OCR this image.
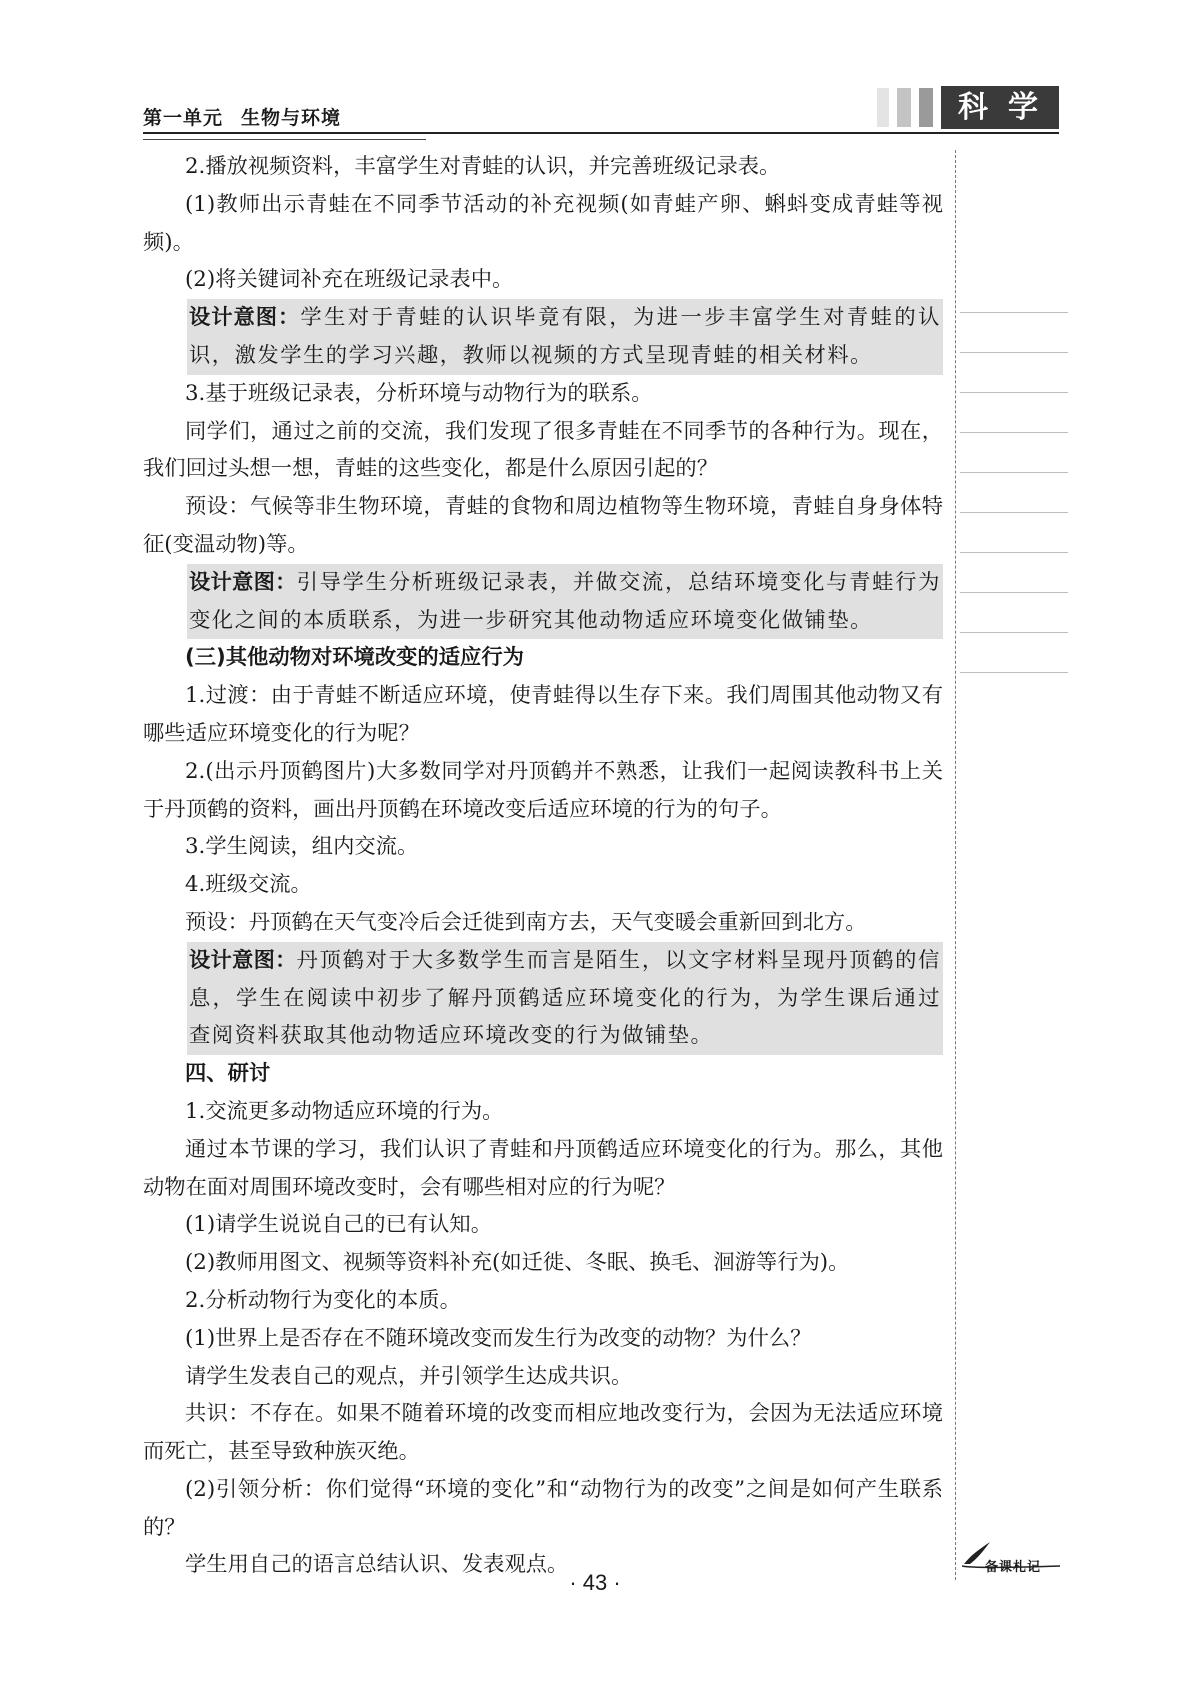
第一单元 生物与环境	科学

2.播放视频资料，丰富学生对青蛙的认识，并完善班级记录表。

(1)教师出示青蛙在不同季节活动的补充视频(如青蛙产卵、蝌蚪变成青蛙等视频)。

(2)将关键词补充在班级记录表中。

设计意图：学生对于青蛙的认识毕竟有限，为进一步丰富学生对青蛙的认识，激发学生的学习兴趣，教师以视频的方式呈现青蛙的相关材料。

3.基于班级记录表，分析环境与动物行为的联系。

同学们，通过之前的交流，我们发现了很多青蛙在不同季节的各种行为。现在，我们回过头想一想，青蛙的这些变化，都是什么原因引起的？

预设：气候等非生物环境，青蛙的食物和周边植物等生物环境，青蛙自身身体特征(变温动物)等。

设计意图：引导学生分析班级记录表，并做交流，总结环境变化与青蛙行为变化之间的本质联系，为进一步研究其他动物适应环境变化做铺垫。

(三)其他动物对环境改变的适应行为

1.过渡：由于青蛙不断适应环境，使青蛙得以生存下来。我们周围其他动物又有哪些适应环境变化的行为呢？

2.(出示丹顶鹤图片)大多数同学对丹顶鹤并不熟悉，让我们一起阅读教科书上关于丹顶鹤的资料，画出丹顶鹤在环境改变后适应环境的行为的句子。

3.学生阅读，组内交流。

4.班级交流。

预设：丹顶鹤在天气变冷后会迁徙到南方去，天气变暖会重新回到北方。

设计意图：丹顶鹤对于大多数学生而言是陌生，以文字材料呈现丹顶鹤的信息，学生在阅读中初步了解丹顶鹤适应环境变化的行为，为学生课后通过查阅资料获取其他动物适应环境改变的行为做铺垫。

四、研讨

1.交流更多动物适应环境的行为。

通过本节课的学习，我们认识了青蛙和丹顶鹤适应环境变化的行为。那么，其他动物在面对周围环境改变时，会有哪些相对应的行为呢？

(1)请学生说说自己的已有认知。

(2)教师用图文、视频等资料补充(如迁徙、冬眠、换毛、洄游等行为)。

2.分析动物行为变化的本质。

(1)世界上是否存在不随环境改变而发生行为改变的动物？为什么？

请学生发表自己的观点，并引领学生达成共识。

共识：不存在。如果不随着环境的改变而相应地改变行为，会因为无法适应环境而死亡，甚至导致种族灭绝。

(2)引领分析：你们觉得“环境的变化”和“动物行为的改变”之间是如何产生联系的？

学生用自己的语言总结认识、发表观点。	备课札记
· 43 ·
